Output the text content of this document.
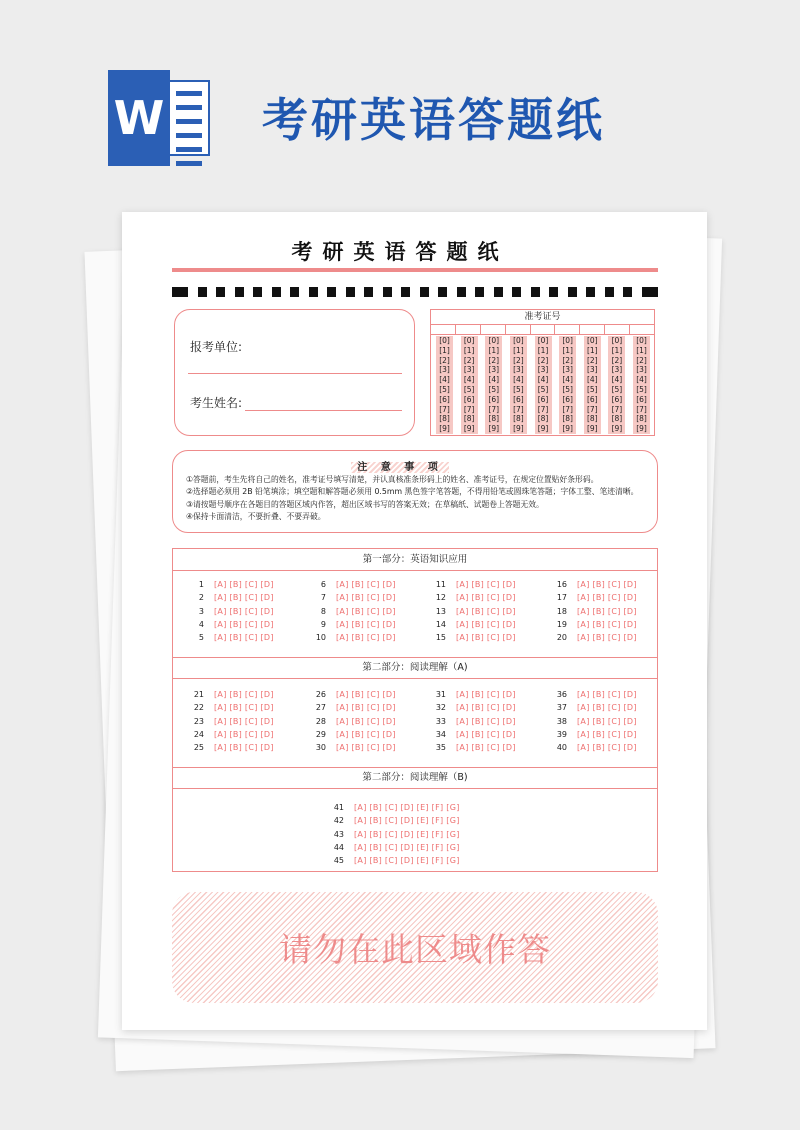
W 考研英语答题纸
考研英语答题纸
报考单位:
考生姓名:
准考证号
[0]
[1]
[2]
[3]
[4]
[5]
[6]
[7]
[8]
[9]
[0]
[1]
[2]
[3]
[4]
[5]
[6]
[7]
[8]
[9]
[0]
[1]
[2]
[3]
[4]
[5]
[6]
[7]
[8]
[9]
[0]
[1]
[2]
[3]
[4]
[5]
[6]
[7]
[8]
[9]
[0]
[1]
[2]
[3]
[4]
[5]
[6]
[7]
[8]
[9]
[0]
[1]
[2]
[3]
[4]
[5]
[6]
[7]
[8]
[9]
[0]
[1]
[2]
[3]
[4]
[5]
[6]
[7]
[8]
[9]
[0]
[1]
[2]
[3]
[4]
[5]
[6]
[7]
[8]
[9]
[0]
[1]
[2]
[3]
[4]
[5]
[6]
[7]
[8]
[9]
注 意 事 项
①答题前，考生先将自己的姓名，准考证号填写清楚，并认真核准条形码上的姓名、准考证号，在规定位置贴好条形码。
②选择题必须用 2B 铅笔填涂；填空题和解答题必须用 0.5mm 黑色签字笔答题，不得用铅笔或圆珠笔答题；字体工整、笔迹清晰。
③请按题号顺序在各题目的答题区域内作答，超出区域书写的答案无效；在草稿纸、试题卷上答题无效。
④保持卡面清洁，不要折叠、不要弄破。
第一部分：英语知识应用
第二部分：阅读理解（A)
第二部分：阅读理解（B)
1 [A] [B] [C] [D]
2 [A] [B] [C] [D]
3 [A] [B] [C] [D]
4 [A] [B] [C] [D]
5 [A] [B] [C] [D]
6 [A] [B] [C] [D]
7 [A] [B] [C] [D]
8 [A] [B] [C] [D]
9 [A] [B] [C] [D]
10 [A] [B] [C] [D]
11 [A] [B] [C] [D]
12 [A] [B] [C] [D]
13 [A] [B] [C] [D]
14 [A] [B] [C] [D]
15 [A] [B] [C] [D]
16 [A] [B] [C] [D]
17 [A] [B] [C] [D]
18 [A] [B] [C] [D]
19 [A] [B] [C] [D]
20 [A] [B] [C] [D]
21 [A] [B] [C] [D]
22 [A] [B] [C] [D]
23 [A] [B] [C] [D]
24 [A] [B] [C] [D]
25 [A] [B] [C] [D]
26 [A] [B] [C] [D]
27 [A] [B] [C] [D]
28 [A] [B] [C] [D]
29 [A] [B] [C] [D]
30 [A] [B] [C] [D]
31 [A] [B] [C] [D]
32 [A] [B] [C] [D]
33 [A] [B] [C] [D]
34 [A] [B] [C] [D]
35 [A] [B] [C] [D]
36 [A] [B] [C] [D]
37 [A] [B] [C] [D]
38 [A] [B] [C] [D]
39 [A] [B] [C] [D]
40 [A] [B] [C] [D]
41 [A] [B] [C] [D] [E] [F] [G]
42 [A] [B] [C] [D] [E] [F] [G]
43 [A] [B] [C] [D] [E] [F] [G]
44 [A] [B] [C] [D] [E] [F] [G]
45 [A] [B] [C] [D] [E] [F] [G]
请勿在此区域作答
